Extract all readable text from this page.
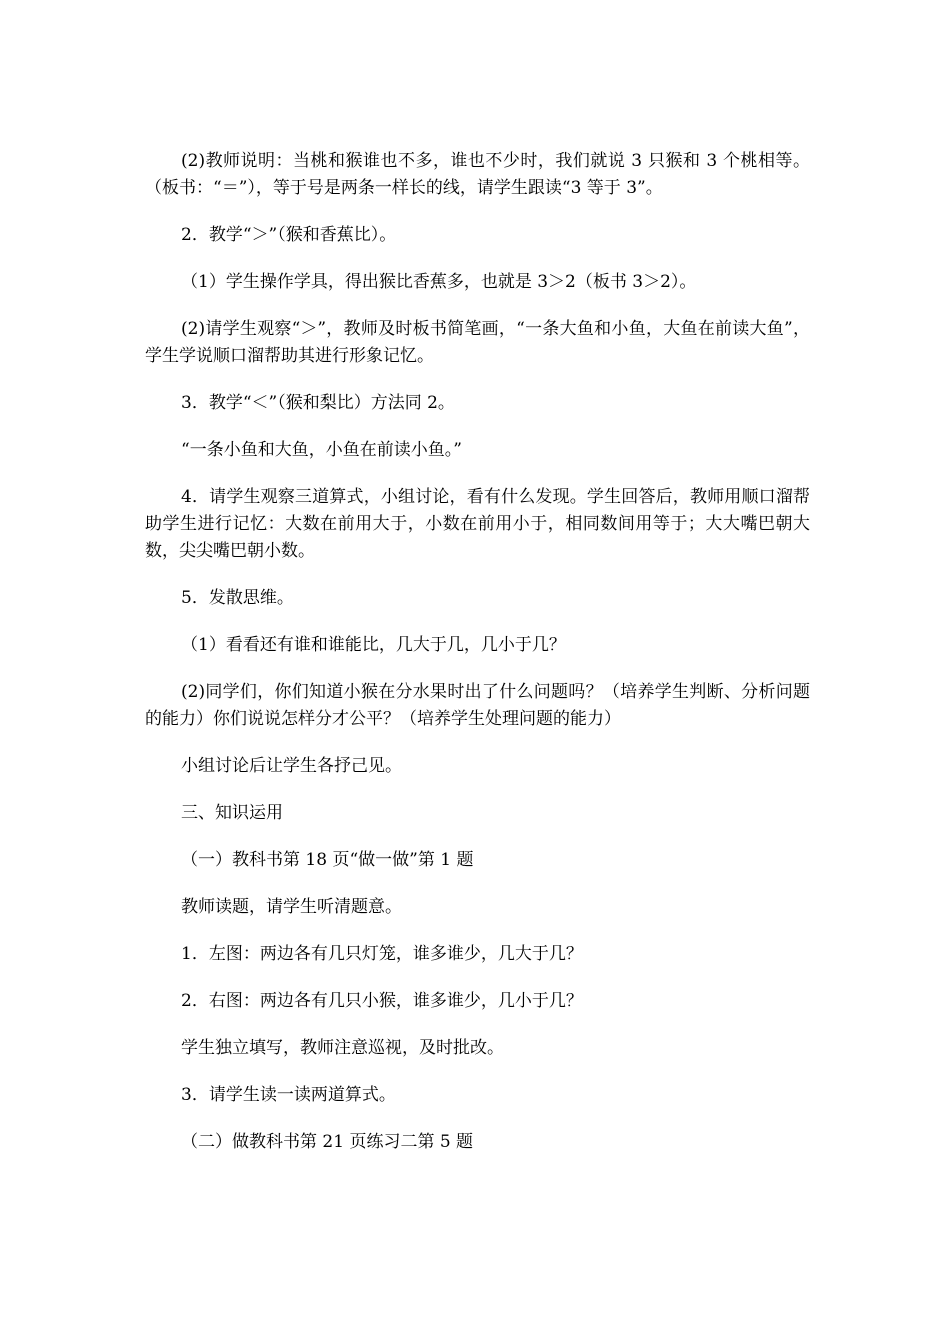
(2)教师说明：当桃和猴谁也不多，谁也不少时，我们就说 3 只猴和 3 个桃相等。（板书：“＝”），等于号是两条一样长的线，请学生跟读“3 等于 3”。

2．教学“＞”（猴和香蕉比）。

（1）学生操作学具，得出猴比香蕉多，也就是 3＞2（板书 3＞2）。

(2)请学生观察“＞”，教师及时板书简笔画，“一条大鱼和小鱼，大鱼在前读大鱼”，学生学说顺口溜帮助其进行形象记忆。

3．教学“＜”（猴和梨比）方法同 2。

“一条小鱼和大鱼，小鱼在前读小鱼。”

4．请学生观察三道算式，小组讨论，看有什么发现。学生回答后，教师用顺口溜帮助学生进行记忆：大数在前用大于，小数在前用小于，相同数间用等于；大大嘴巴朝大数，尖尖嘴巴朝小数。

5．发散思维。

（1）看看还有谁和谁能比，几大于几，几小于几？

(2)同学们，你们知道小猴在分水果时出了什么问题吗？（培养学生判断、分析问题的能力）你们说说怎样分才公平？（培养学生处理问题的能力）

小组讨论后让学生各抒己见。

三、知识运用

（一）教科书第 18 页“做一做”第 1 题

教师读题，请学生听清题意。

1．左图：两边各有几只灯笼，谁多谁少，几大于几？

2．右图：两边各有几只小猴，谁多谁少，几小于几？

学生独立填写，教师注意巡视，及时批改。

3．请学生读一读两道算式。

（二）做教科书第 21 页练习二第 5 题
